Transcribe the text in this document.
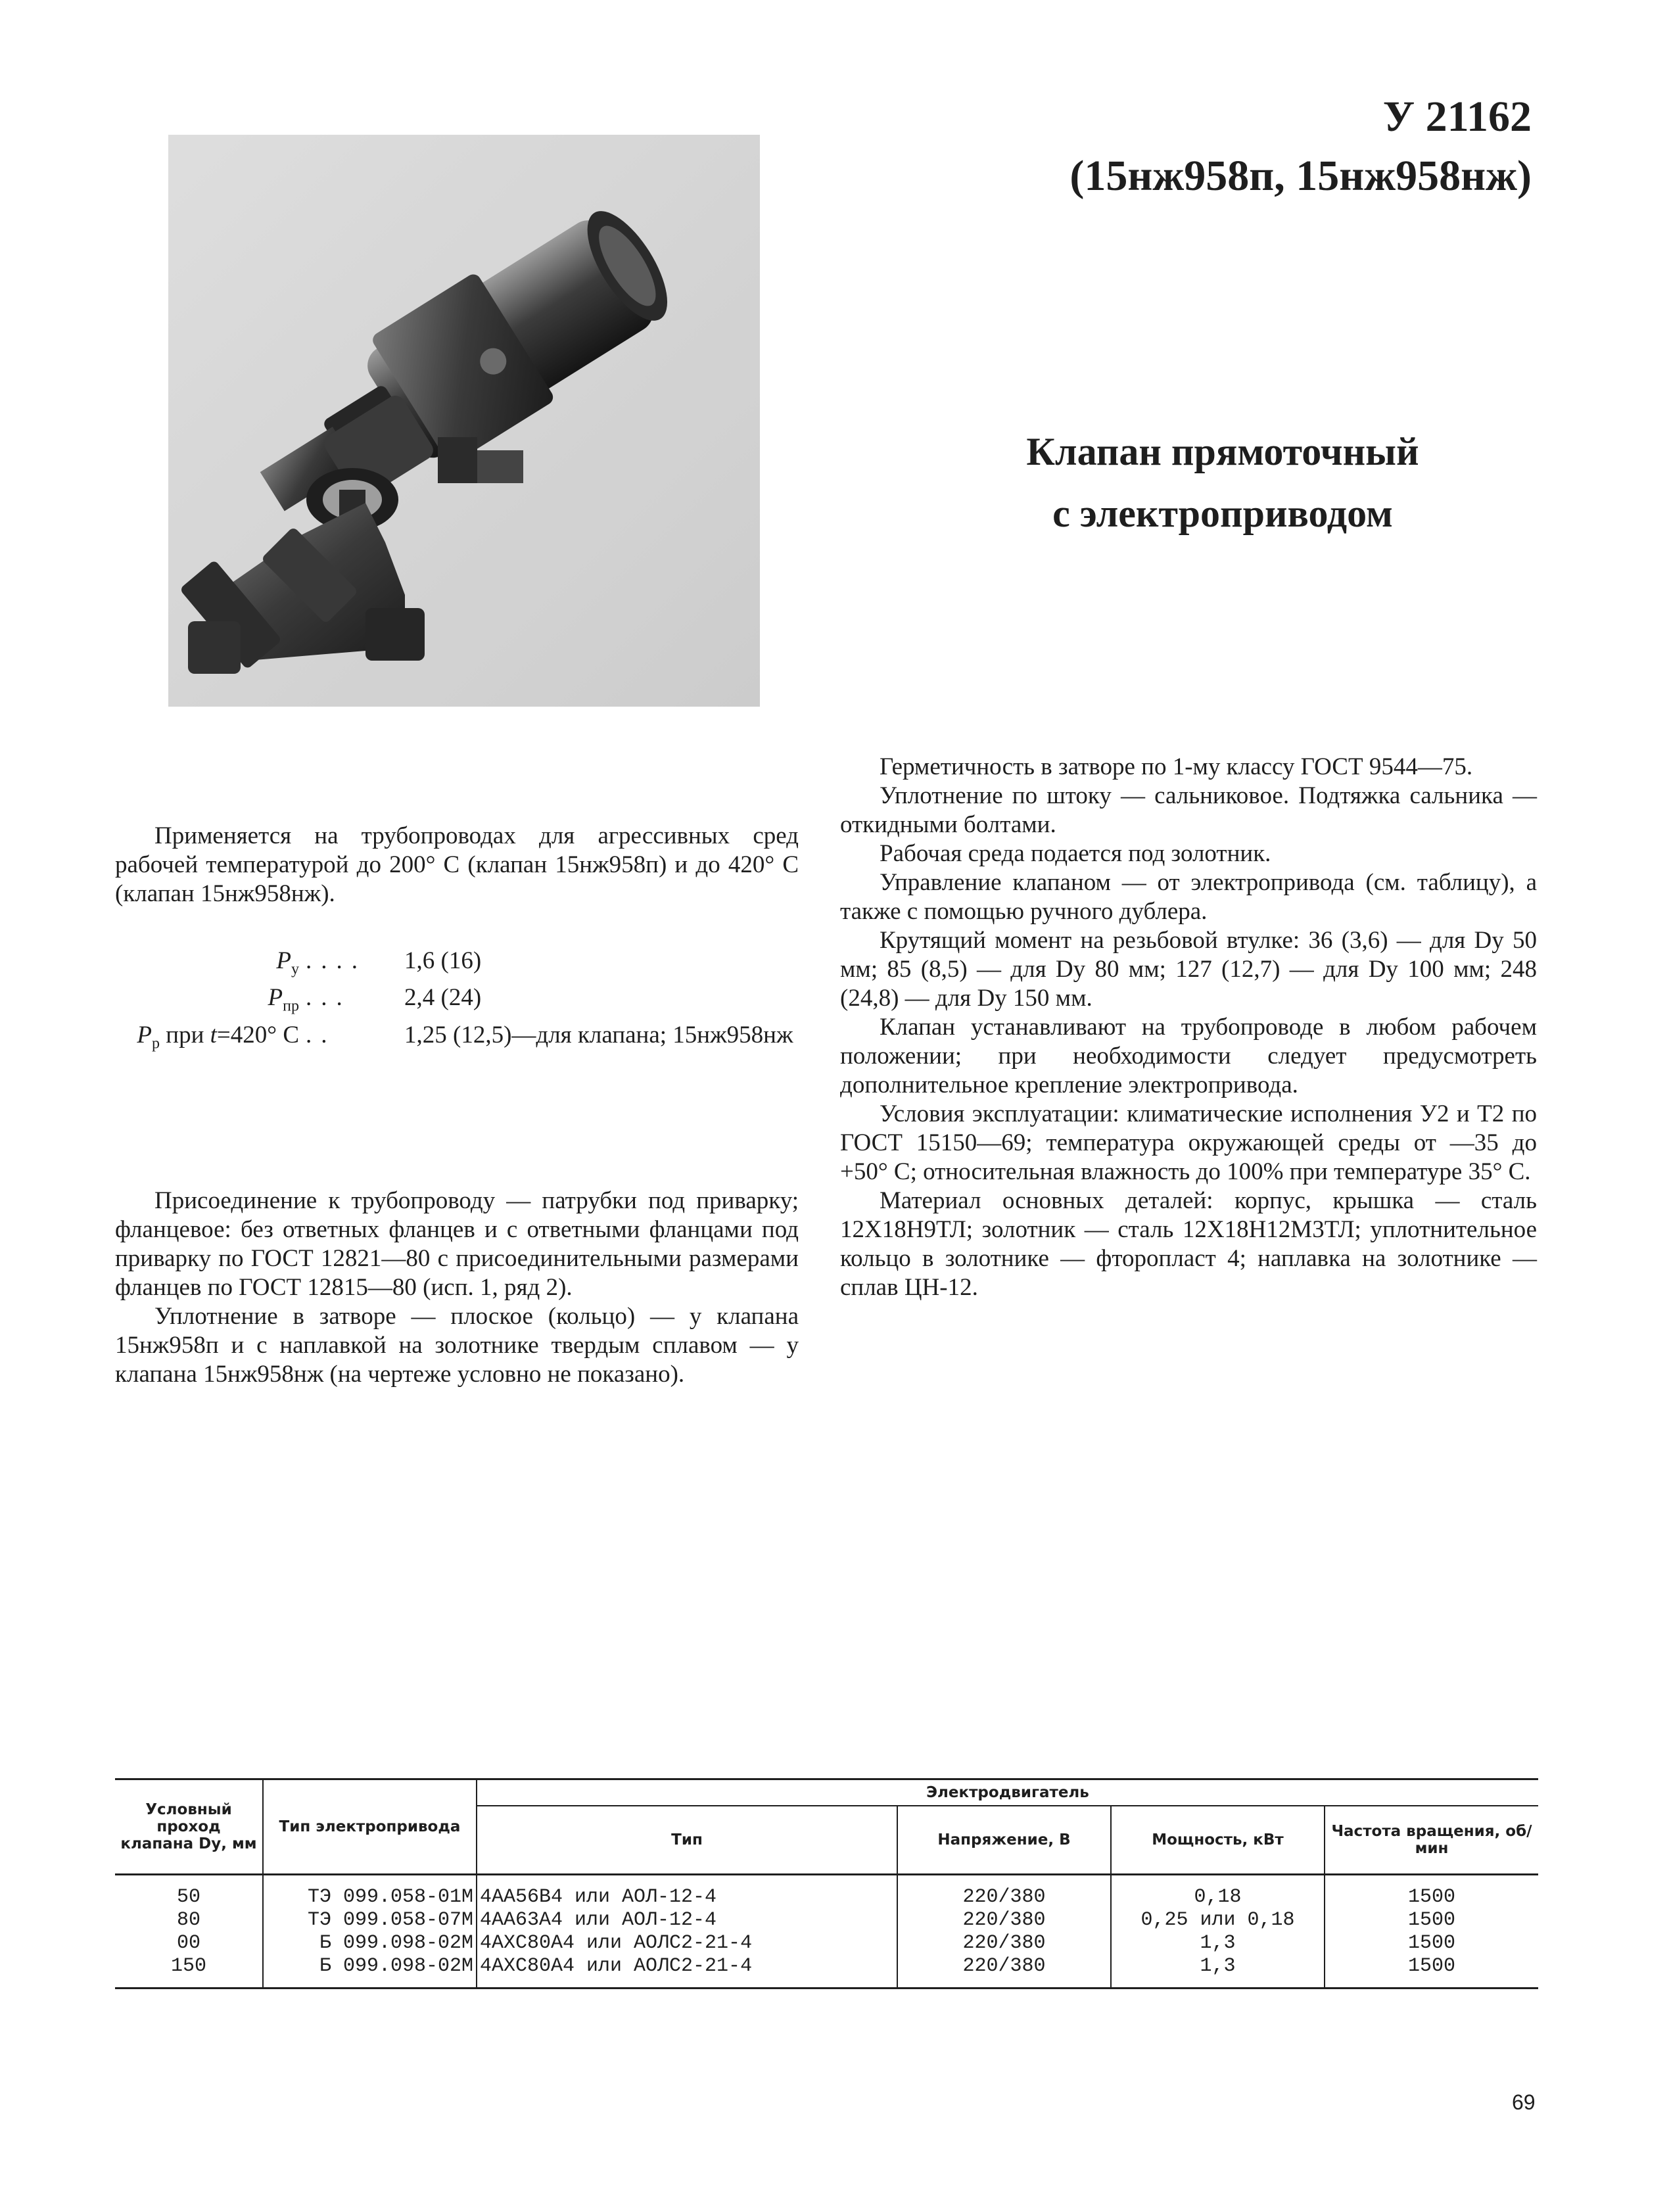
У 21162
(15нж958п, 15нж958нж)
Клапан прямоточный
с электроприводом

Применяется на трубопроводах для агрессивных сред рабочей температурой до 200° С (клапан 15нж958п) и до 420° С (клапан 15нж958нж).

$P_у$ ....	1,6 (16)
$P_{пр}$ ...	2,4 (24)
$P_р$ при t=420° С ..	1,25 (12,5)—для клапана; 15нж958нж

Присоединение к трубопроводу — патрубки под приварку; фланцевое: без ответных фланцев и с ответными фланцами под приварку по ГОСТ 12821—80 с присоединительными размерами фланцев по ГОСТ 12815—80 (исп. 1, ряд 2).

Уплотнение в затворе — плоское (кольцо) — у клапана 15нж958п и с наплавкой на золотнике твердым сплавом — у клапана 15нж958нж (на чертеже условно не показано).

Герметичность в затворе по 1-му классу ГОСТ 9544—75.

Уплотнение по штоку — сальниковое. Подтяжка сальника — откидными болтами.

Рабочая среда подается под золотник.

Управление клапаном — от электропривода (см. таблицу), а также с помощью ручного дублера.

Крутящий момент на резьбовой втулке: 36 (3,6) — для Dу 50 мм; 85 (8,5) — для Dу 80 мм; 127 (12,7) — для Dу 100 мм; 248 (24,8) — для Dу 150 мм.

Клапан устанавливают на трубопроводе в любом рабочем положении; при необходимости следует предусмотреть дополнительное крепление электропривода.

Условия эксплуатации: климатические исполнения У2 и Т2 по ГОСТ 15150—69; температура окружающей среды от —35 до +50° С; относительная влажность до 100% при температуре 35° С.

Материал основных деталей: корпус, крышка — сталь 12Х18Н9ТЛ; золотник — сталь 12Х18Н12М3ТЛ; уплотнительное кольцо в золотнике — фторопласт 4; наплавка на золотнике — сплав ЦН-12.

Условный проход клапана Dу, мм	Тип электропривода	Электродвигатель			
		Тип	Напряжение, В	Мощность, кВт	Частота вращения, об/мин
50	ТЭ 099.058-01М	4АА56В4 или АОЛ-12-4	220/380	0,18	1500
80	ТЭ 099.058-07М	4АА63А4 или АОЛ-12-4	220/380	0,25 или 0,18	1500
00	Б 099.098-02М	4АХС80А4 или АОЛС2-21-4	220/380	1,3	1500
150	Б 099.098-02М	4АХС80А4 или АОЛС2-21-4	220/380	1,3	1500
69
